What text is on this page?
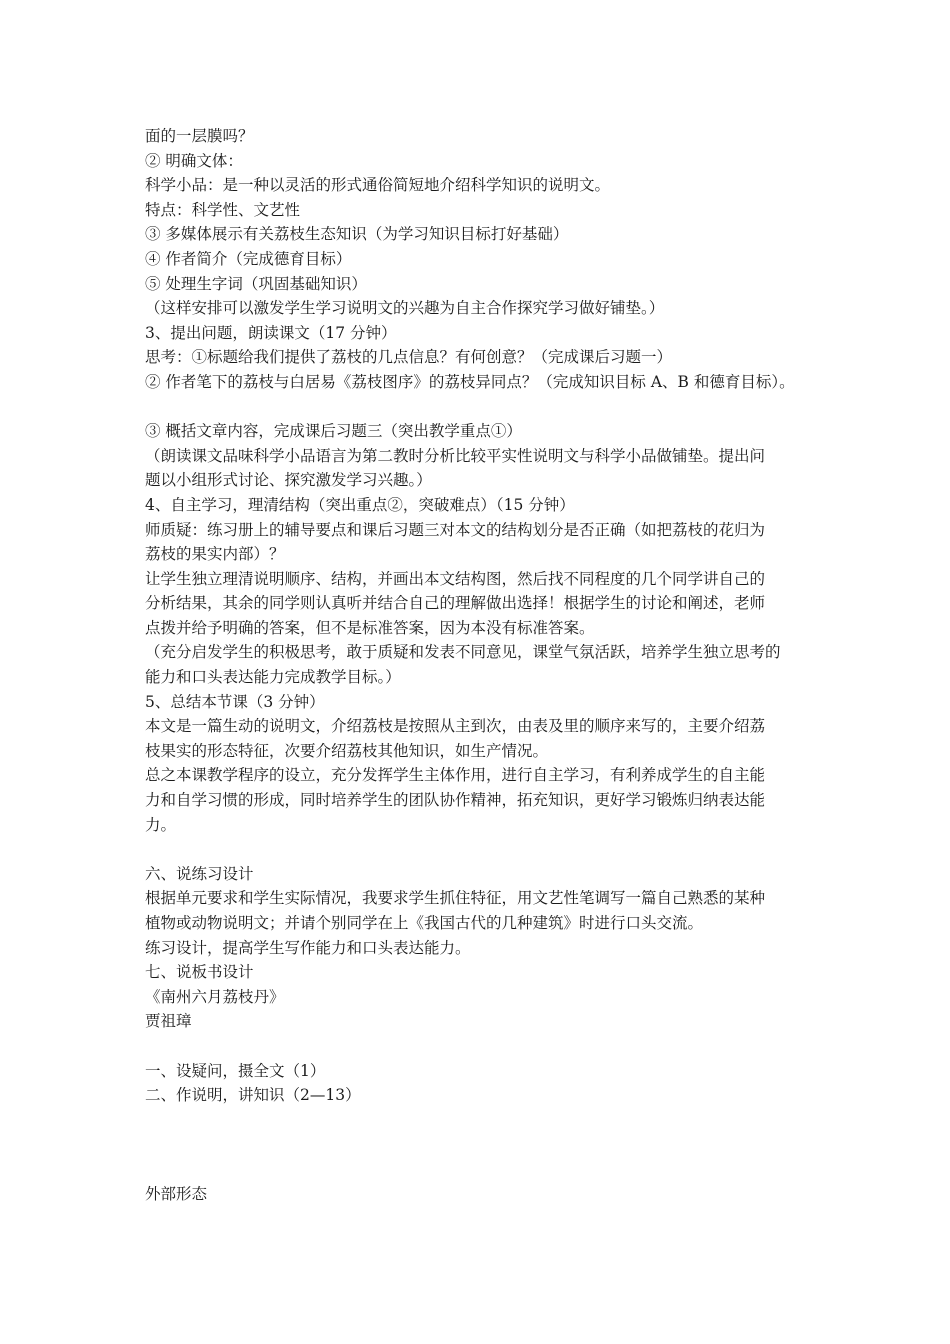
面的一层膜吗？
② 明确文体：
科学小品：是一种以灵活的形式通俗简短地介绍科学知识的说明文。
特点：科学性、文艺性
③ 多媒体展示有关荔枝生态知识（为学习知识目标打好基础）
④ 作者简介（完成德育目标）
⑤ 处理生字词（巩固基础知识）
（这样安排可以激发学生学习说明文的兴趣为自主合作探究学习做好铺垫。）
3、提出问题，朗读课文（17 分钟）
思考：①标题给我们提供了荔枝的几点信息？有何创意？（完成课后习题一）
② 作者笔下的荔枝与白居易《荔枝图序》的荔枝异同点？（完成知识目标 A、B 和德育目标）。
③ 概括文章内容，完成课后习题三（突出教学重点①）
（朗读课文品味科学小品语言为第二教时分析比较平实性说明文与科学小品做铺垫。提出问
题以小组形式讨论、探究激发学习兴趣。）
4、自主学习，理清结构（突出重点②，突破难点）（15 分钟）
师质疑：练习册上的辅导要点和课后习题三对本文的结构划分是否正确（如把荔枝的花归为
荔枝的果实内部）？
让学生独立理清说明顺序、结构，并画出本文结构图，然后找不同程度的几个同学讲自己的
分析结果，其余的同学则认真听并结合自己的理解做出选择！根据学生的讨论和阐述，老师
点拨并给予明确的答案，但不是标准答案，因为本没有标准答案。
（充分启发学生的积极思考，敢于质疑和发表不同意见，课堂气氛活跃，培养学生独立思考的
能力和口头表达能力完成教学目标。）
5、总结本节课（3 分钟）
本文是一篇生动的说明文，介绍荔枝是按照从主到次，由表及里的顺序来写的，主要介绍荔
枝果实的形态特征，次要介绍荔枝其他知识，如生产情况。
总之本课教学程序的设立，充分发挥学生主体作用，进行自主学习，有利养成学生的自主能
力和自学习惯的形成，同时培养学生的团队协作精神，拓充知识，更好学习锻炼归纳表达能
力。
六、说练习设计
根据单元要求和学生实际情况，我要求学生抓住特征，用文艺性笔调写一篇自己熟悉的某种
植物或动物说明文；并请个别同学在上《我国古代的几种建筑》时进行口头交流。
练习设计，提高学生写作能力和口头表达能力。
七、说板书设计
《南州六月荔枝丹》
贾祖璋
一、设疑问，摄全文（1）
二、作说明，讲知识（2—13）
外部形态
